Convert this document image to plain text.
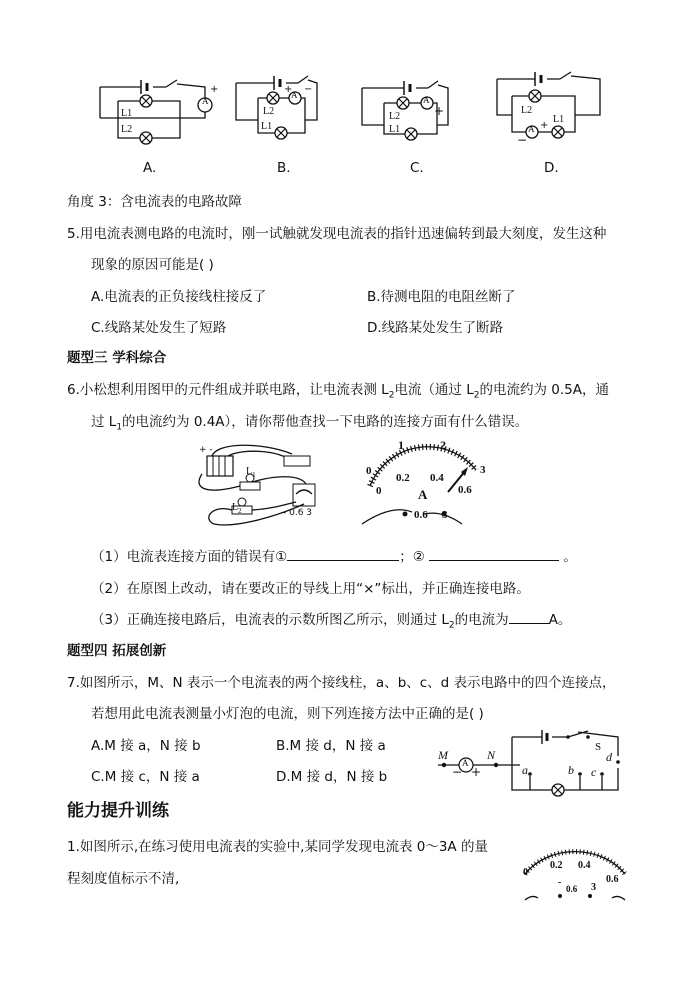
A
+
L1
L2
A
+ −
L2
L1
A
+
L2
L1	A
L2
+
−
L1
A.	B.	C.	D.
角度 3：含电流表的电路故障
5.用电流表测电路的电流时，刚一试触就发现电流表的指针迅速偏转到最大刻度，发生这种
现象的原因可能是( )
A.电流表的正负接线柱接反了	B.待测电阻的电阻丝断了
C.线路某处发生了短路	D.线路某处发生了断路
题型三 学科综合
6.小松想利用图甲的元件组成并联电路，让电流表测 $L_2$电流（通过 $L_2$的电流约为 0.5A，通
过 $L_1$的电流约为 0.4A），请你帮他查找一下电路的连接方面有什么错误。
+ -
$L_1$
$L_2$	- 0.6 3
1	2
3
0
0
0.2 0.4
0.6
A
0.6 3
（1）电流表连接方面的错误有①	；②	。
（2）在原图上改动，请在要改正的导线上用“×”标出，并正确连接电路。
（3）正确连接电路后，电流表的示数所图乙所示，则通过 $L_2$的电流为	A。
题型四 拓展创新
7.如图所示，M、N 表示一个电流表的两个接线柱，a、b、c、d 表示电路中的四个连接点，
若想用此电流表测量小灯泡的电流，则下列连接方法中正确的是( )
A.M 接 a，N 接 b	B.M 接 d，N 接 a
C.M 接 c，N 接 a	D.M 接 d，N 接 b
M	N
A
− +
S
a	b c
d
能力提升训练
1.如图所示,在练习使用电流表的实验中,某同学发现电流表 0～3A 的量
程刻度值标示不清,	0
0.2 0.4
0.6
-
0.6 3
